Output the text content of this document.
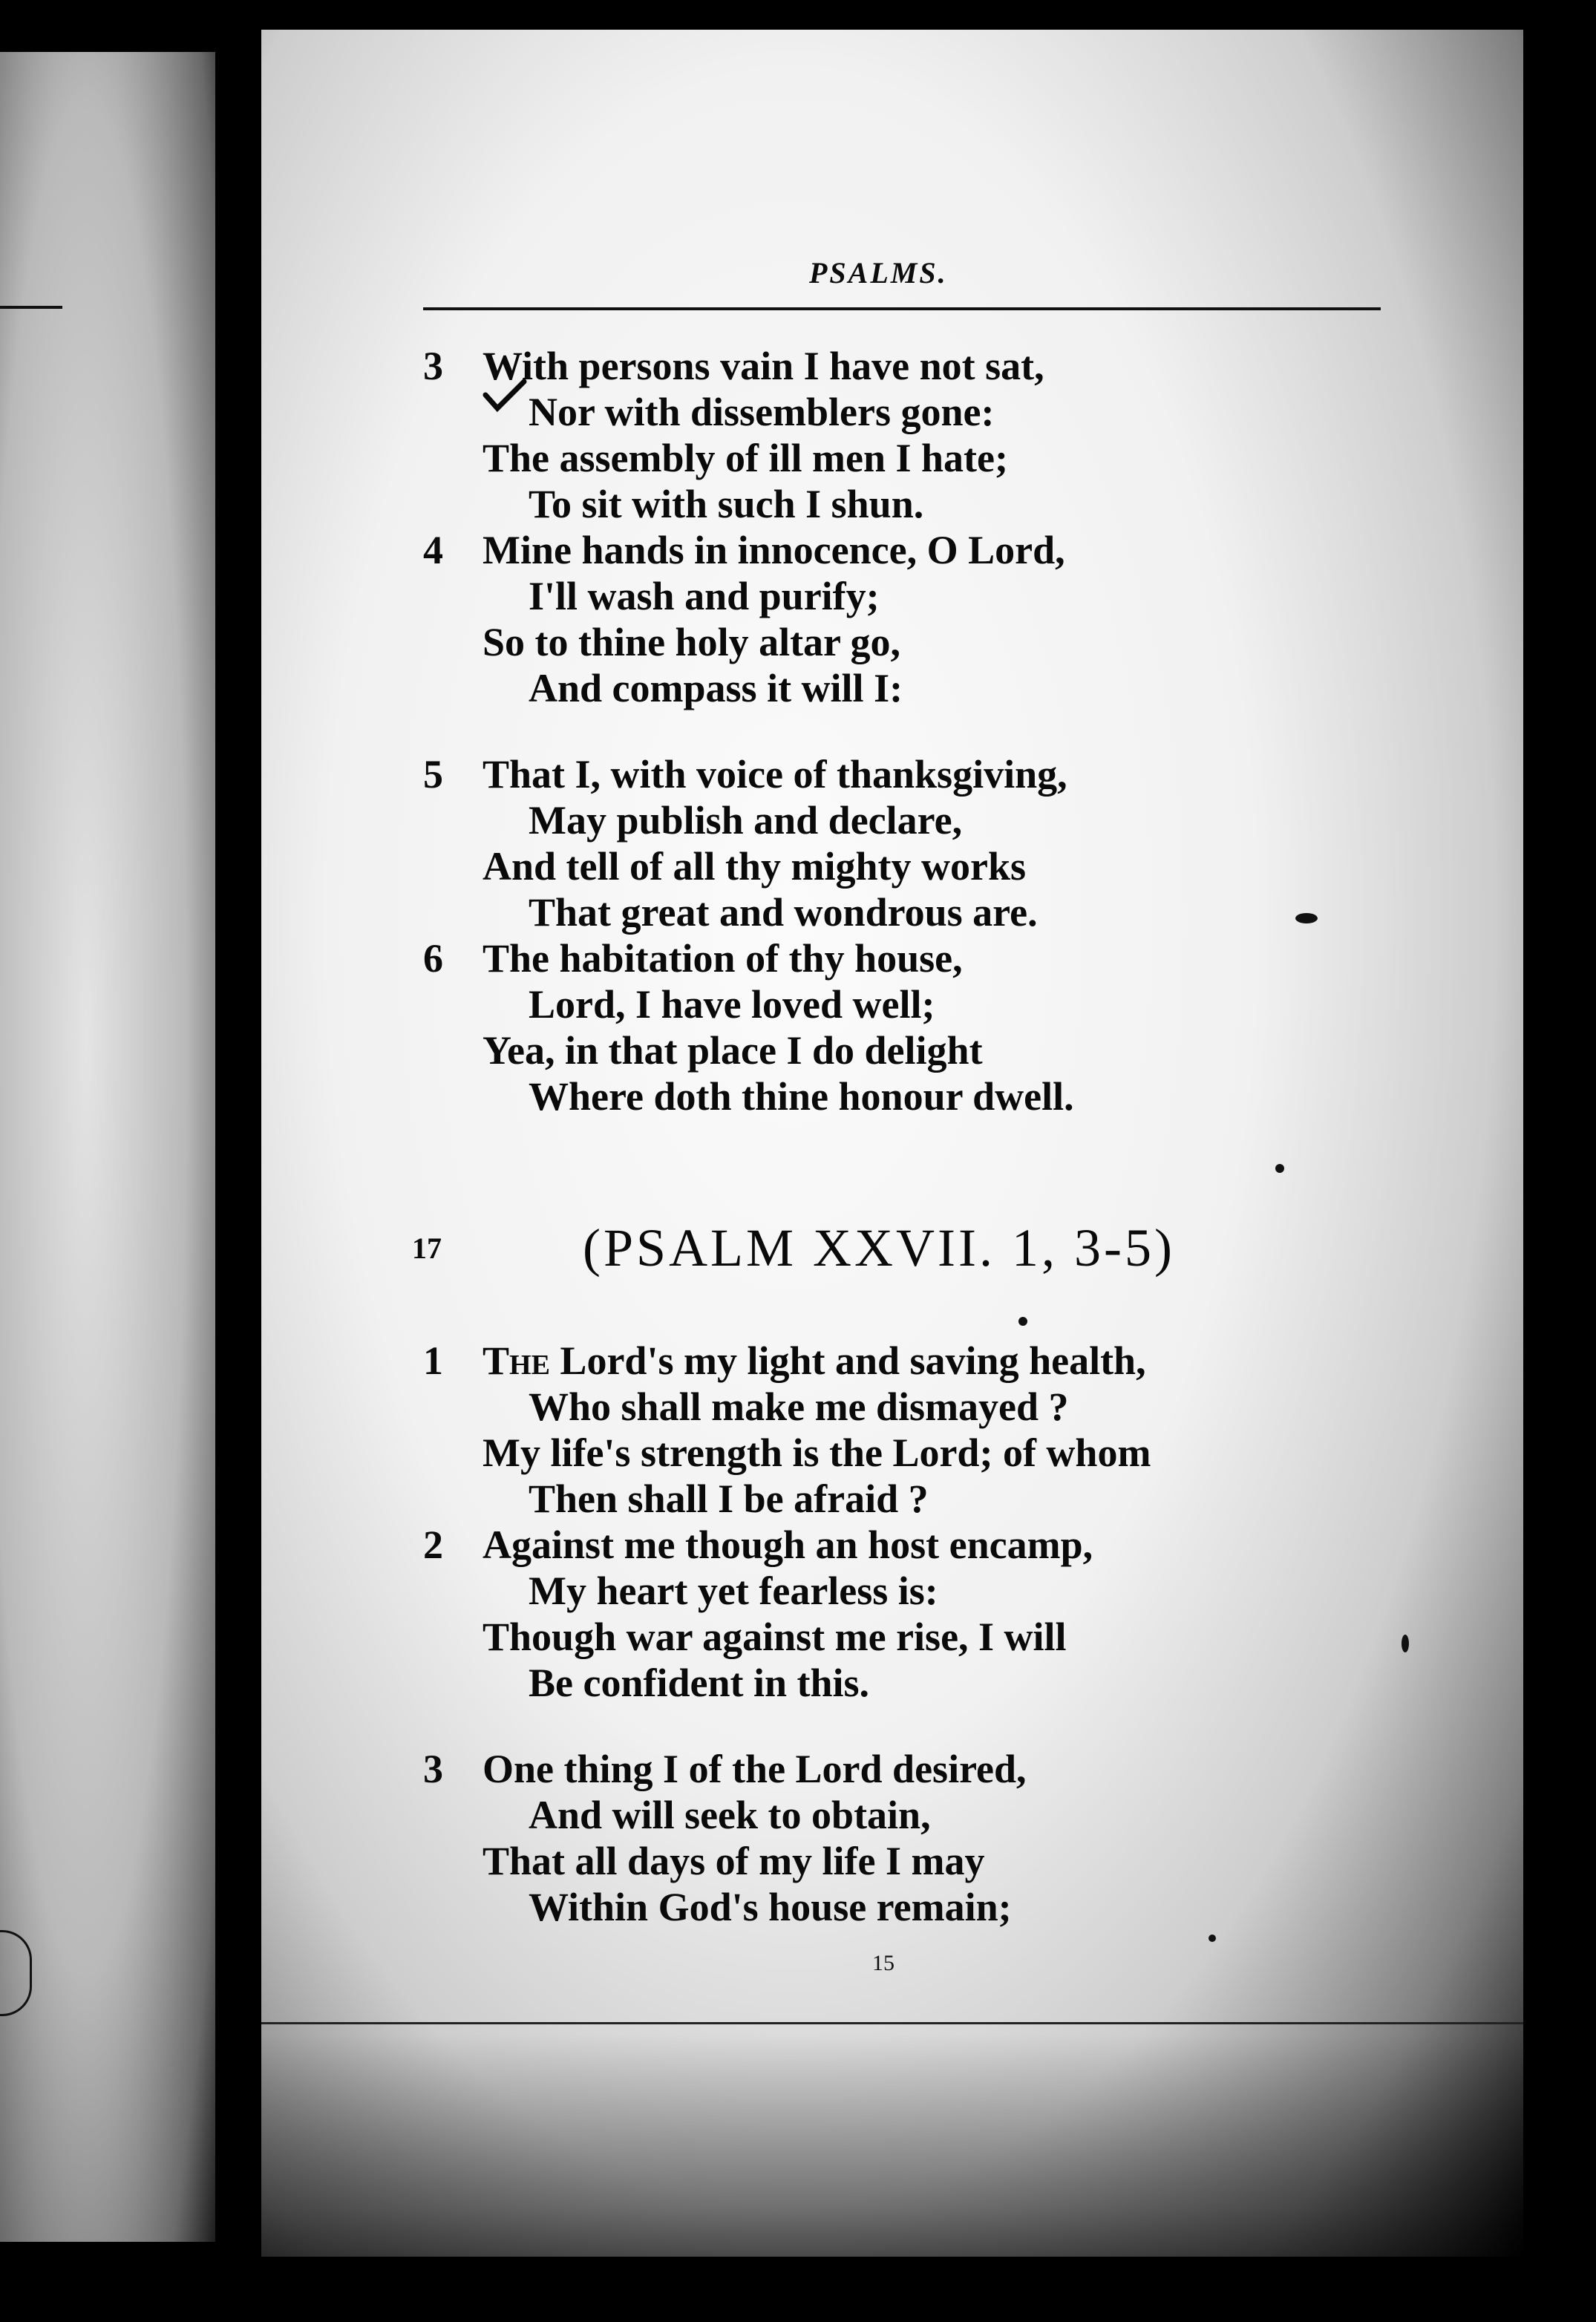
PSALMS.
3 With persons vain I have not sat,
Nor with dissemblers gone:
The assembly of ill men I hate;
To sit with such I shun.
4 Mine hands in innocence, O Lord,
I'll wash and purify;
So to thine holy altar go,
And compass it will I:
5 That I, with voice of thanksgiving,
May publish and declare,
And tell of all thy mighty works
That great and wondrous are.
6 The habitation of thy house,
Lord, I have loved well;
Yea, in that place I do delight
Where doth thine honour dwell.
17	(PSALM XXVII. 1, 3-5)
1 The Lord's my light and saving health,
Who shall make me dismayed ?
My life's strength is the Lord; of whom
Then shall I be afraid ?
2 Against me though an host encamp,
My heart yet fearless is:
Though war against me rise, I will
Be confident in this.
3 One thing I of the Lord desired,
And will seek to obtain,
That all days of my life I may
Within God's house remain;
15
